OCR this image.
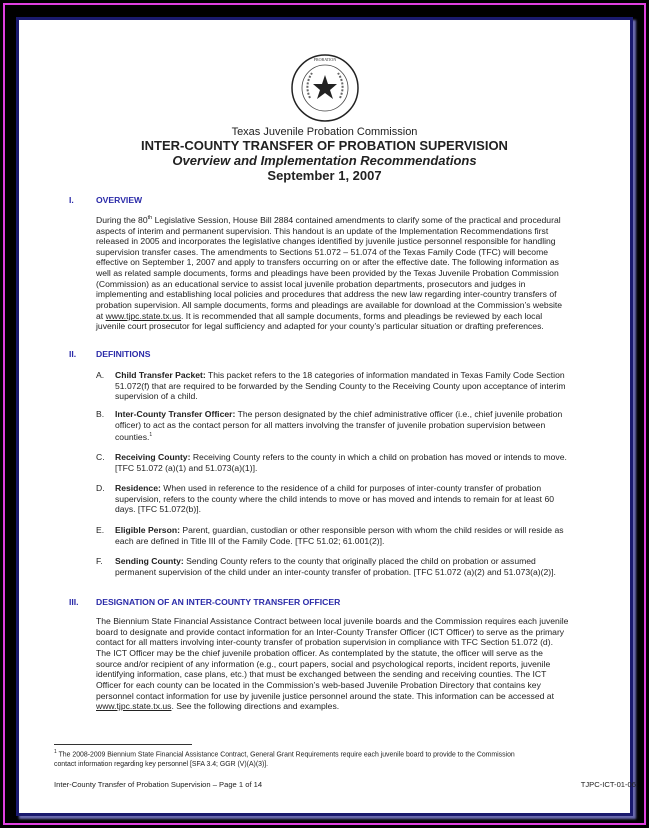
PROBATION
Texas Juvenile Probation Commission
INTER-COUNTY TRANSFER OF PROBATION SUPERVISION
Overview and Implementation Recommendations
September 1, 2007
I.	OVERVIEW
During the 80th Legislative Session, House Bill 2884 contained amendments to clarify some of the practical and procedural
aspects of interim and permanent supervision. This handout is an update of the Implementation Recommendations first
released in 2005 and incorporates the legislative changes identified by juvenile justice personnel responsible for handling
supervision transfer cases. The amendments to Sections 51.072 – 51.074 of the Texas Family Code (TFC) will become
effective on September 1, 2007 and apply to transfers occurring on or after the effective date. The following information as
well as related sample documents, forms and pleadings have been provided by the Texas Juvenile Probation Commission
(Commission) as an educational service to assist local juvenile probation departments, prosecutors and judges in
implementing and establishing local policies and procedures that address the new law regarding inter-country transfers of
probation supervision. All sample documents, forms and pleadings are available for download at the Commission’s website
at www.tjpc.state.tx.us. It is recommended that all sample documents, forms and pleadings be reviewed by each local
juvenile court prosecutor for legal sufficiency and adapted for your county’s particular situation or drafting preferences.
II. DEFINITIONS
III. DESIGNATION OF AN INTER-COUNTY TRANSFER OFFICER
The Biennium State Financial Assistance Contract between local juvenile boards and the Commission requires each juvenile
board to designate and provide contact information for an Inter-County Transfer Officer (ICT Officer) to serve as the primary
contact for all matters involving inter-county transfer of probation supervision in compliance with TFC Section 51.072 (d).
The ICT Officer may be the chief juvenile probation officer. As contemplated by the statute, the officer will serve as the
source and/or recipient of any information (e.g., court papers, social and psychological reports, incident reports, juvenile
identifying information, case plans, etc.) that must be exchanged between the sending and receiving counties. The ICT
Officer for each county can be located in the Commission’s web-based Juvenile Probation Directory that contains key
personnel contact information for use by juvenile justice personnel around the state. This information can be accessed at
www.tjpc.state.tx.us. See the following directions and examples.
$^1$ The 2008-2009 Biennium State Financial Assistance Contract, General Grant Requirements require each juvenile board to provide to the Commission
contact information regarding key personnel [SFA 3.4; GGR (V)(A)(3)].
Inter-County Transfer of Probation Supervision – Page 1 of 14	TJPC-ICT-01-06
A. Child Transfer Packet: This packet refers to the 18 categories of information mandated in Texas Family Code Section
51.072(f) that are required to be forwarded by the Sending County to the Receiving County upon acceptance of interim
supervision of a child.
B. Inter-County Transfer Officer: The person designated by the chief administrative officer (i.e., chief juvenile probation
officer) to act as the contact person for all matters involving the transfer of juvenile probation supervision between
counties.$^1$
C. Receiving County: Receiving County refers to the county in which a child on probation has moved or intends to move.
[TFC 51.072 (a)(1) and 51.073(a)(1)].
D. Residence: When used in reference to the residence of a child for purposes of inter-county transfer of probation
supervision, refers to the county where the child intends to move or has moved and intends to remain for at least 60
days. [TFC 51.072(b)].
E. Eligible Person: Parent, guardian, custodian or other responsible person with whom the child resides or will reside as
each are defined in Title III of the Family Code. [TFC 51.02; 61.001(2)].
F. Sending County: Sending County refers to the county that originally placed the child on probation or assumed
permanent supervision of the child under an inter-county transfer of probation. [TFC 51.072 (a)(2) and 51.073(a)(2)].
